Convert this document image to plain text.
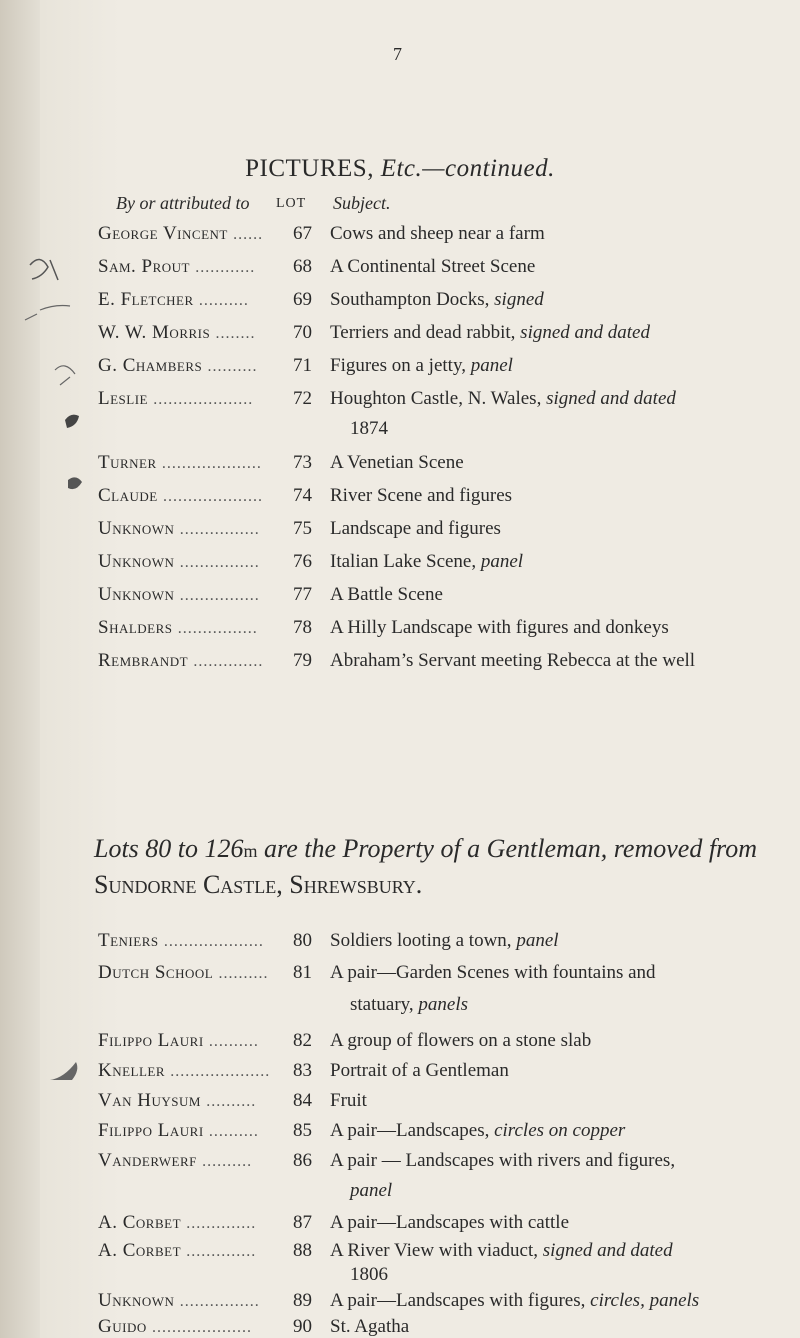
7
PICTURES, Etc.—continued.
By or attributed to LOT Subject.
George Vincent ......	67 Cows and sheep near a farm
Sam. Prout ............	68 A Continental Street Scene
E. Fletcher ..........	69 Southampton Docks, signed
W. W. Morris ........	70 Terriers and dead rabbit, signed and dated
G. Chambers ..........	71 Figures on a jetty, panel
Leslie ....................	72 Houghton Castle, N. Wales, signed and dated
1874
Turner ....................	73 A Venetian Scene
Claude ....................	74 River Scene and figures
Unknown ................	75 Landscape and figures
Unknown ................	76 Italian Lake Scene, panel
Unknown ................	77 A Battle Scene
Shalders ................	78 A Hilly Landscape with figures and donkeys
Rembrandt ..............	79 Abraham’s Servant meeting Rebecca at the well
Lots 80 to 126m are the Property of a Gentleman, removed from Sundorne Castle, Shrewsbury.
Teniers ....................	80 Soldiers looting a town, panel
Dutch School ..........	81 A pair—Garden Scenes with fountains and
statuary, panels
Filippo Lauri ..........	82 A group of flowers on a stone slab
Kneller ....................	83 Portrait of a Gentleman
Van Huysum ..........	84 Fruit
Filippo Lauri ..........	85 A pair—Landscapes, circles on copper
Vanderwerf ..........	86 A pair — Landscapes with rivers and figures,
panel
A. Corbet ..............	87 A pair—Landscapes with cattle
A. Corbet ..............	88 A River View with viaduct, signed and dated
1806
Unknown ................	89 A pair—Landscapes with figures, circles, panels
Guido ....................	90 St. Agatha
